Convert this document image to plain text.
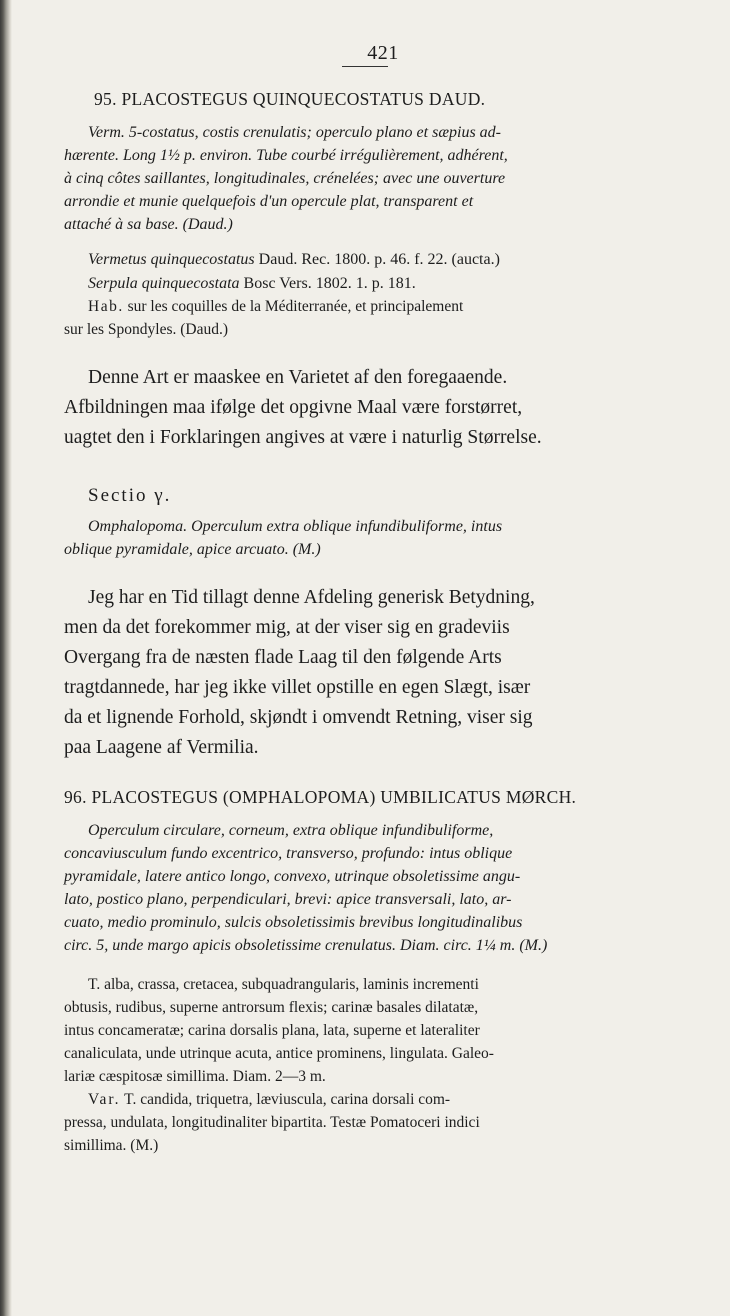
421
95. PLACOSTEGUS QUINQUECOSTATUS DAUD.

Verm. 5-costatus, costis crenulatis; operculo plano et sæpius ad-

hærente. Long 1½ p. environ. Tube courbé irrégulièrement, adhérent,

à cinq côtes saillantes, longitudinales, crénelées; avec une ouverture

arrondie et munie quelquefois d'un opercule plat, transparent et

attaché à sa base. (Daud.)

Vermetus quinquecostatus Daud. Rec. 1800. p. 46. f. 22. (aucta.)

Serpula quinquecostata Bosc Vers. 1802. 1. p. 181.

Hab. sur les coquilles de la Méditerranée, et principalement

sur les Spondyles. (Daud.)

Denne Art er maaskee en Varietet af den foregaaende.

Afbildningen maa ifølge det opgivne Maal være forstørret,

uagtet den i Forklaringen angives at være i naturlig Størrelse.

Sectio γ.

Omphalopoma. Operculum extra oblique infundibuliforme, intus

oblique pyramidale, apice arcuato. (M.)

Jeg har en Tid tillagt denne Afdeling generisk Betydning,

men da det forekommer mig, at der viser sig en gradeviis

Overgang fra de næsten flade Laag til den følgende Arts

tragtdannede, har jeg ikke villet opstille en egen Slægt, især

da et lignende Forhold, skjøndt i omvendt Retning, viser sig

paa Laagene af Vermilia.

96. PLACOSTEGUS (OMPHALOPOMA) UMBILICATUS MØRCH.

Operculum circulare, corneum, extra oblique infundibuliforme,

concaviusculum fundo excentrico, transverso, profundo: intus oblique

pyramidale, latere antico longo, convexo, utrinque obsoletissime angu-

lato, postico plano, perpendiculari, brevi: apice transversali, lato, ar-

cuato, medio prominulo, sulcis obsoletissimis brevibus longitudinalibus

circ. 5, unde margo apicis obsoletissime crenulatus. Diam. circ. 1¼ m. (M.)

T. alba, crassa, cretacea, subquadrangularis, laminis incrementi

obtusis, rudibus, superne antrorsum flexis; carinæ basales dilatatæ,

intus concameratæ; carina dorsalis plana, lata, superne et lateraliter

canaliculata, unde utrinque acuta, antice prominens, lingulata. Galeo-

lariæ cæspitosæ simillima. Diam. 2—3 m.

Var. T. candida, triquetra, læviuscula, carina dorsali com-

pressa, undulata, longitudinaliter bipartita. Testæ Pomatoceri indici

simillima. (M.)
